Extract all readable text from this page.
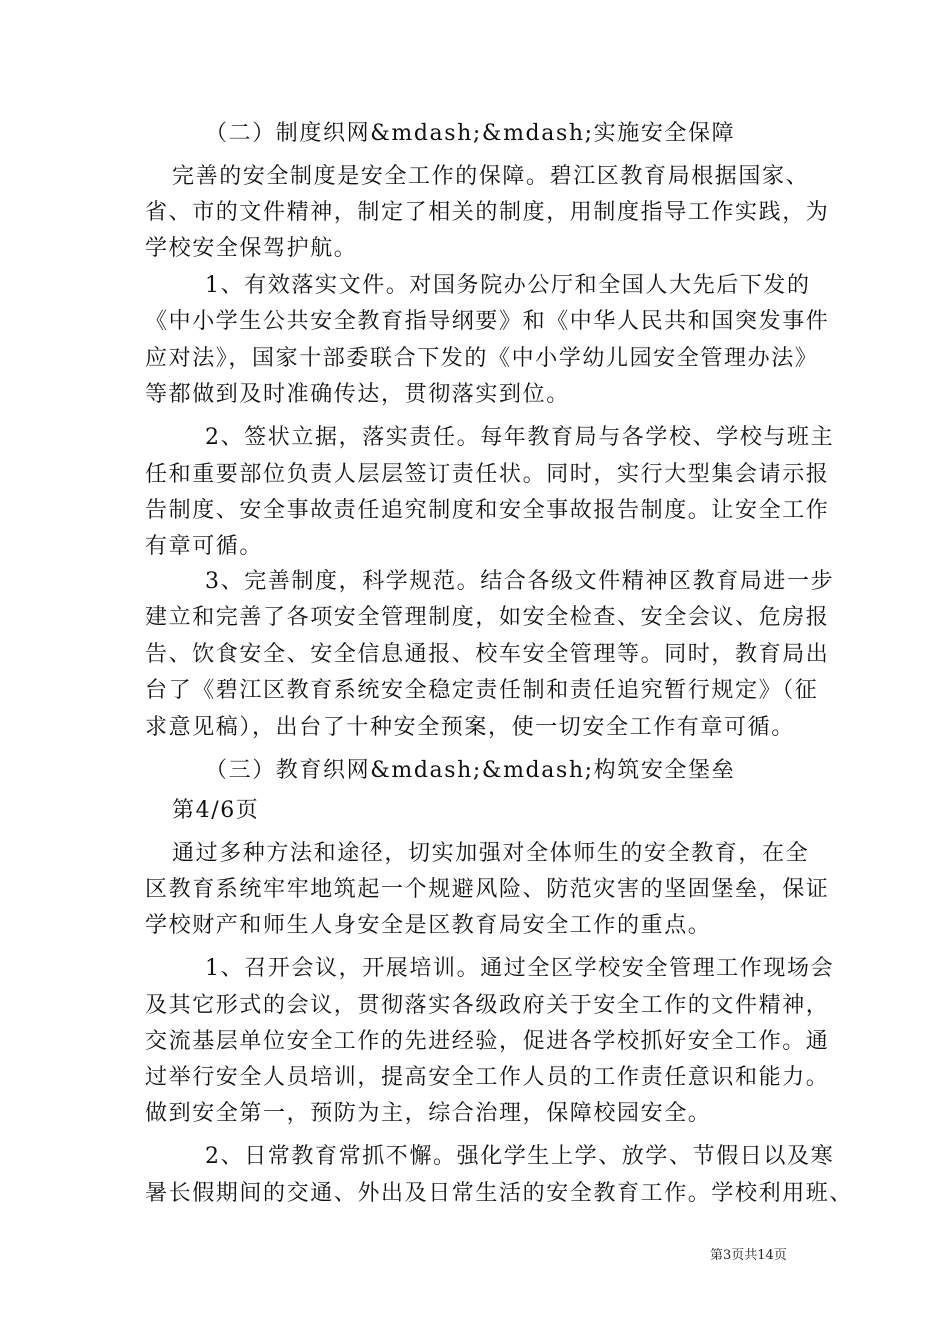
（二）制度织网&mdash;&mdash;实施安全保障
完善的安全制度是安全工作的保障。碧江区教育局根据国家、
省、市的文件精神，制定了相关的制度，用制度指导工作实践，为
学校安全保驾护航。
1、有效落实文件。对国务院办公厅和全国人大先后下发的
《中小学生公共安全教育指导纲要》和《中华人民共和国突发事件
应对法》，国家十部委联合下发的《中小学幼儿园安全管理办法》
等都做到及时准确传达，贯彻落实到位。
2、签状立据，落实责任。每年教育局与各学校、学校与班主
任和重要部位负责人层层签订责任状。同时，实行大型集会请示报
告制度、安全事故责任追究制度和安全事故报告制度。让安全工作
有章可循。
3、完善制度，科学规范。结合各级文件精神区教育局进一步
建立和完善了各项安全管理制度，如安全检查、安全会议、危房报
告、饮食安全、安全信息通报、校车安全管理等。同时，教育局出
台了《碧江区教育系统安全稳定责任制和责任追究暂行规定》（征
求意见稿），出台了十种安全预案，使一切安全工作有章可循。
（三）教育织网&mdash;&mdash;构筑安全堡垒
第4/6页
通过多种方法和途径，切实加强对全体师生的安全教育，在全
区教育系统牢牢地筑起一个规避风险、防范灾害的坚固堡垒，保证
学校财产和师生人身安全是区教育局安全工作的重点。
1、召开会议，开展培训。通过全区学校安全管理工作现场会
及其它形式的会议，贯彻落实各级政府关于安全工作的文件精神，
交流基层单位安全工作的先进经验，促进各学校抓好安全工作。通
过举行安全人员培训，提高安全工作人员的工作责任意识和能力。
做到安全第一，预防为主，综合治理，保障校园安全。
2、日常教育常抓不懈。强化学生上学、放学、节假日以及寒
暑长假期间的交通、外出及日常生活的安全教育工作。学校利用班、
第3页共14页
